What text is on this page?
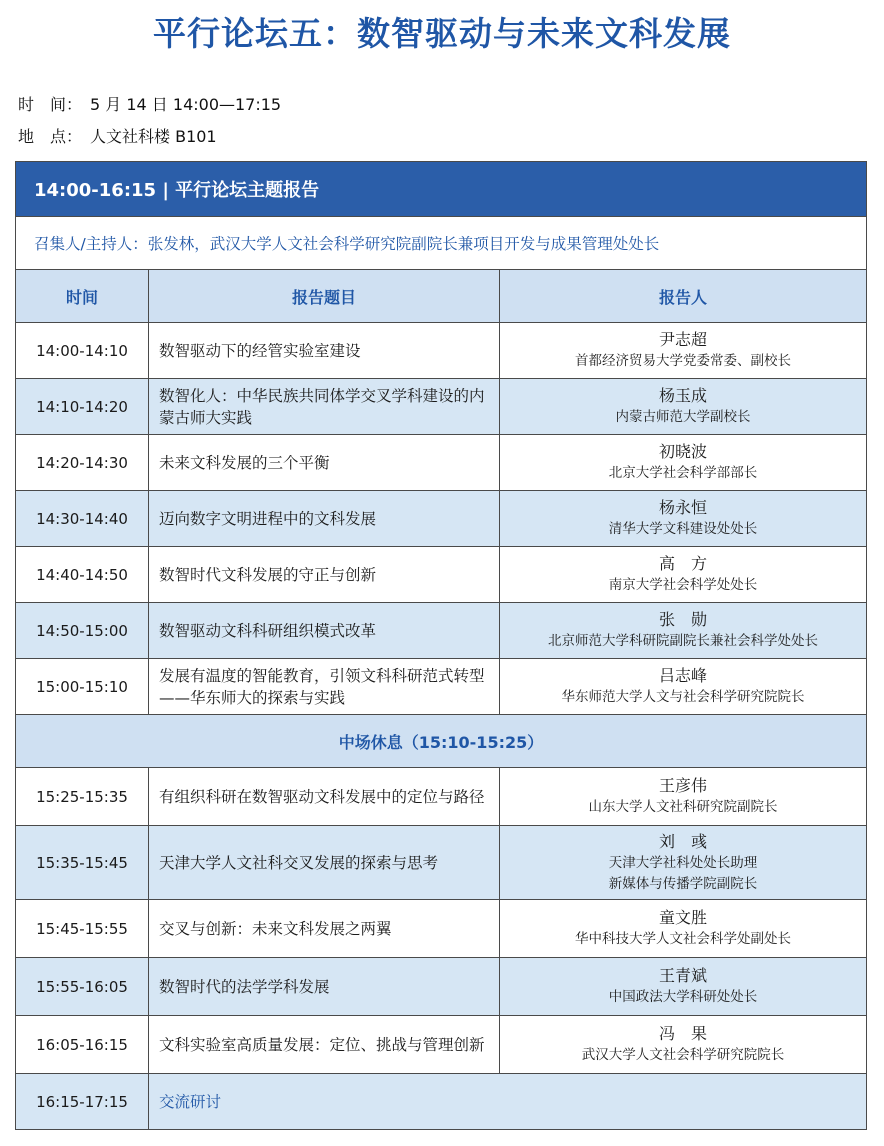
平行论坛五：数智驱动与未来文科发展
时　间： 5 月 14 日 14:00—17:15
地　点： 人文社科楼 B101
14:00-16:15 | 平行论坛主题报告		
召集人/主持人：张发林，武汉大学人文社会科学研究院副院长兼项目开发与成果管理处处长		
时间	报告题目	报告人
14:00-14:10	数智驱动下的经管实验室建设	尹志超
首都经济贸易大学党委常委、副校长

14:10-14:20	数智化人：中华民族共同体学交叉学科建设的内蒙古师大实践	杨玉成
内蒙古师范大学副校长

14:20-14:30	未来文科发展的三个平衡	初晓波
北京大学社会科学部部长

14:30-14:40	迈向数字文明进程中的文科发展	杨永恒
清华大学文科建设处处长

14:40-14:50	数智时代文科发展的守正与创新	高　方
南京大学社会科学处处长

14:50-15:00	数智驱动文科科研组织模式改革	张　勋
北京师范大学科研院副院长兼社会科学处处长

15:00-15:10	发展有温度的智能教育，引领文科科研范式转型——华东师大的探索与实践	吕志峰
华东师范大学人文与社会科学研究院院长

中场休息（15:10-15:25）		
15:25-15:35	有组织科研在数智驱动文科发展中的定位与路径	王彦伟
山东大学人文社科研究院副院长

15:35-15:45	天津大学人文社科交叉发展的探索与思考	刘　彧
天津大学社科处处长助理
新媒体与传播学院副院长

15:45-15:55	交叉与创新：未来文科发展之两翼	童文胜
华中科技大学人文社会科学处副处长

15:55-16:05	数智时代的法学学科发展	王青斌
中国政法大学科研处处长

16:05-16:15	文科实验室高质量发展：定位、挑战与管理创新	冯　果
武汉大学人文社会科学研究院院长

16:15-17:15	交流研讨	
